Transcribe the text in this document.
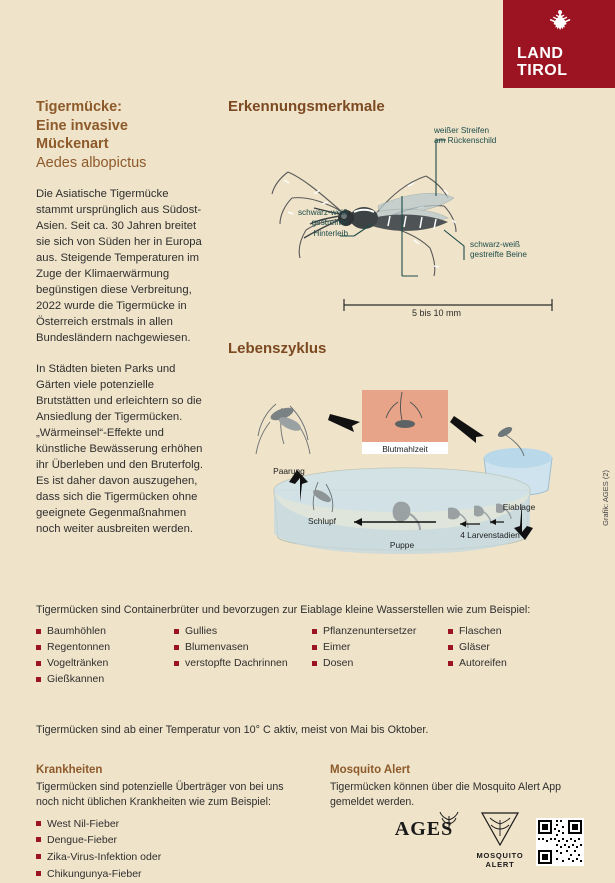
LAND
TIROL
Tigermücke:
Eine invasive
Mückenart
Aedes albopictus

Die Asiatische Tigermücke stammt ursprünglich aus Südost-Asien. Seit ca. 30 Jahren breitet sie sich von Süden her in Europa aus. Steigende Temperaturen im Zuge der Klimaerwärmung begünstigen diese Verbreitung, 2022 wurde die Tigermücke in Österreich erstmals in allen Bundesländern nachgewiesen.

In Städten bieten Parks und Gärten viele potenzielle Brutstätten und erleichtern so die Ansiedlung der Tigermücken. „Wärmeinsel“-Effekte und künstliche Bewässerung erhöhen ihr Überleben und den Bruterfolg. Es ist daher davon auszugehen, dass sich die Tigermücken ohne geeignete Gegenmaßnahmen noch weiter ausbreiten werden.

Erkennungsmerkmale
Lebenszyklus
weißer Streifen
am Rückenschild
schwarz-weiß
gestreifter
Hinterleib
schwarz-weiß
gestreifte Beine
5 bis 10 mm
Paarung
Blutmahlzeit
Eiablage
Schlupf
Puppe
4 Larvenstadien
Grafik: AGES (2)
Tigermücken sind Containerbrüter und bevorzugen zur Eiablage kleine Wasserstellen wie zum Beispiel:
Baumhöhlen
Regentonnen
Vogeltränken
Gießkannen
Gullies
Blumenvasen
verstopfte Dachrinnen
Pflanzenuntersetzer
Eimer
Dosen
Flaschen
Gläser
Autoreifen
Tigermücken sind ab einer Temperatur von 10° C aktiv, meist von Mai bis Oktober.
Krankheiten
Tigermücken sind potenzielle Überträger von bei uns noch nicht üblichen Krankheiten wie zum Beispiel:
West Nil-Fieber
Dengue-Fieber
Zika-Virus-Infektion oder
Chikungunya-Fieber
Mosquito Alert
Tigermücken können über die Mosquito Alert App gemeldet werden.
AGES
MOSQUITO
ALERT
